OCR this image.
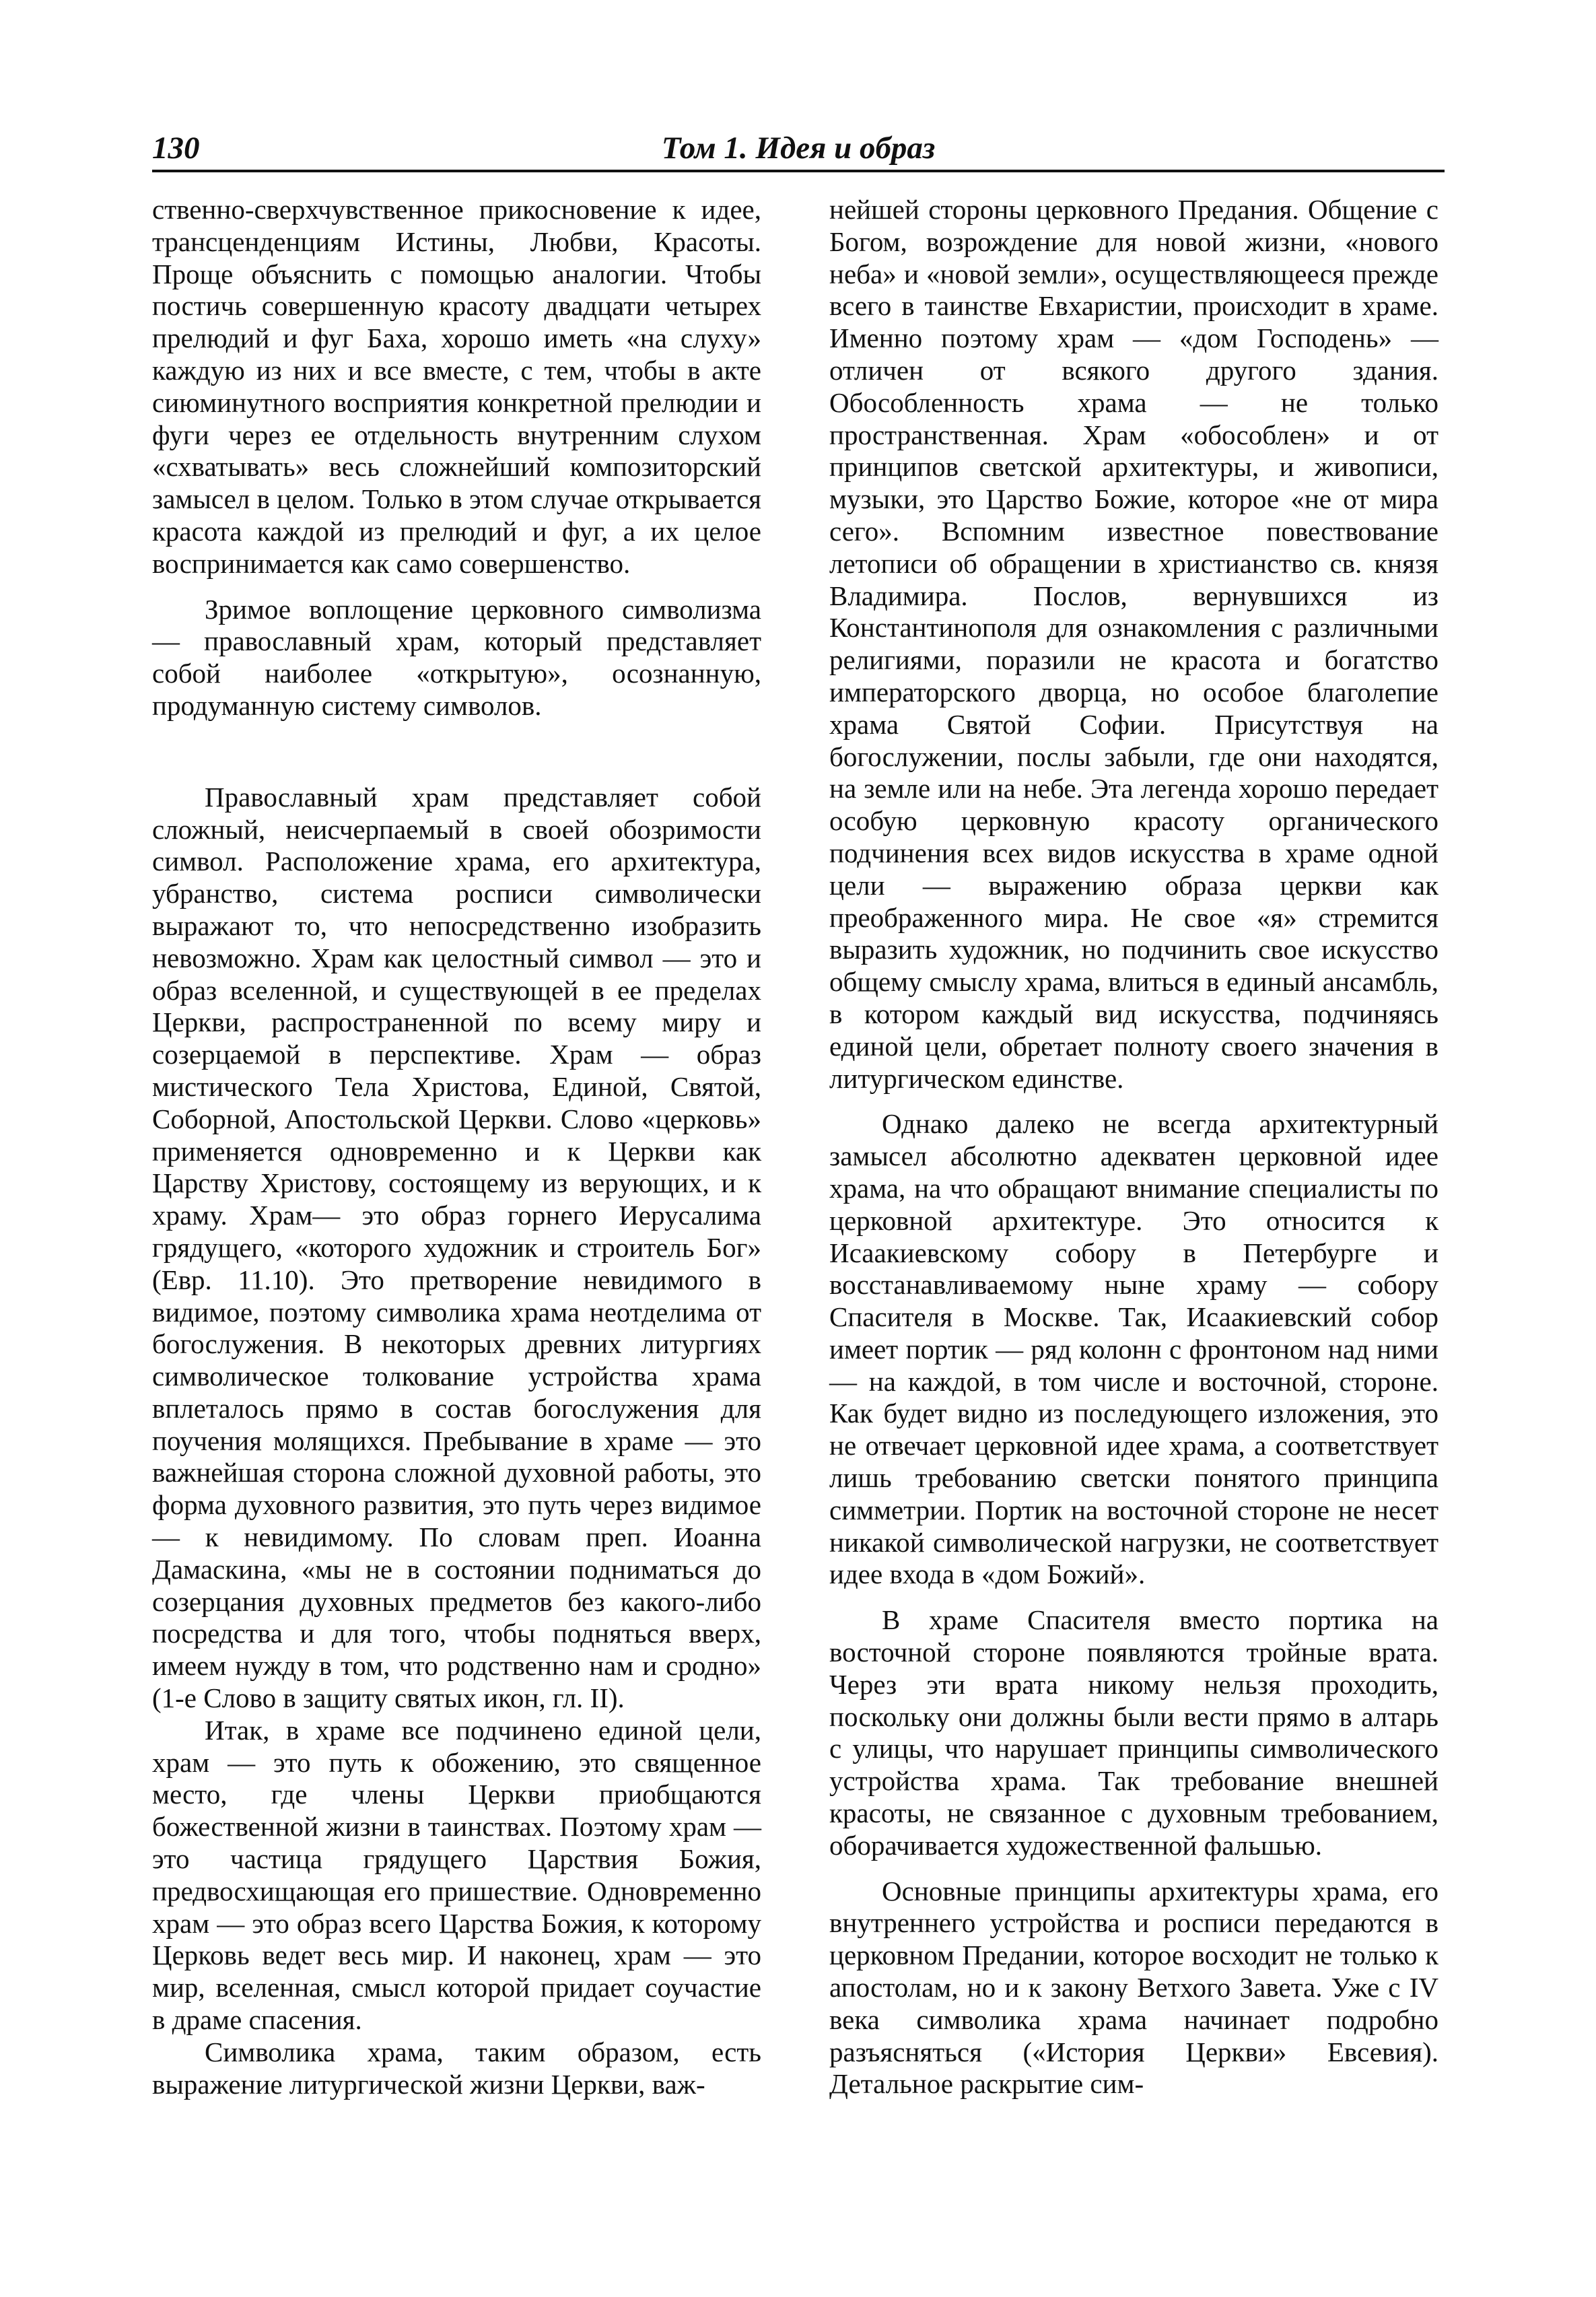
130	Том 1. Идея и образ

ственно-сверхчувственное прикосновение к идее, трансценденциям Истины, Любви, Красоты. Проще объяснить с помощью аналогии. Чтобы постичь совершенную красоту двадцати четырех прелюдий и фуг Баха, хорошо иметь «на слуху» каждую из них и все вместе, с тем, чтобы в акте сиюминутного восприятия конкретной прелюдии и фуги через ее отдельность внутренним слухом «схватывать» весь сложнейший композиторский замысел в целом. Только в этом случае открывается красота каждой из прелюдий и фуг, а их целое воспринимается как само совершенство.

Зримое воплощение церковного символизма — православный храм, который представляет собой наиболее «открытую», осознанную, продуманную систему символов.

Православный храм представляет собой сложный, неисчерпаемый в своей обозримости символ. Расположение храма, его архитектура, убранство, система росписи символически выражают то, что непосредственно изобразить невозможно. Храм как целостный символ — это и образ вселенной, и существующей в ее пределах Церкви, распространенной по всему миру и созерцаемой в перспективе. Храм — образ мистического Тела Христова, Единой, Святой, Соборной, Апостольской Церкви. Слово «церковь» применяется одновременно и к Церкви как Царству Христову, состоящему из верующих, и к храму. Храм— это образ горнего Иерусалима грядущего, «которого художник и строитель Бог» (Евр. 11.10). Это претворение невидимого в видимое, поэтому символика храма неотделима от богослужения. В некоторых древних литургиях символическое толкование устройства храма вплеталось прямо в состав богослужения для поучения молящихся. Пребывание в храме — это важнейшая сторона сложной духовной работы, это форма духовного развития, это путь через видимое — к невидимому. По словам преп. Иоанна Дамаскина, «мы не в состоянии подниматься до созерцания духовных предметов без какого-либо посредства и для того, чтобы подняться вверх, имеем нужду в том, что родственно нам и сродно» (1-е Слово в защиту святых икон, гл. II).

Итак, в храме все подчинено единой цели, храм — это путь к обожению, это священное место, где члены Церкви приобщаются божественной жизни в таинствах. Поэтому храм — это частица грядущего Царствия Божия, предвосхищающая его пришествие. Одновременно храм — это образ всего Царства Божия, к которому Церковь ведет весь мир. И наконец, храм — это мир, вселенная, смысл которой придает соучастие в драме спасения.

Символика храма, таким образом, есть выражение литургической жизни Церкви, важ-

нейшей стороны церковного Предания. Общение с Богом, возрождение для новой жизни, «нового неба» и «новой земли», осуществляющееся прежде всего в таинстве Евхаристии, происходит в храме. Именно поэтому храм — «дом Господень» — отличен от всякого другого здания. Обособленность храма — не только пространственная. Храм «обособлен» и от принципов светской архитектуры, и живописи, музыки, это Царство Божие, которое «не от мира сего». Вспомним известное повествование летописи об обращении в христианство св. князя Владимира. Послов, вернувшихся из Константинополя для ознакомления с различными религиями, поразили не красота и богатство императорского дворца, но особое благолепие храма Святой Софии. Присутствуя на богослужении, послы забыли, где они находятся, на земле или на небе. Эта легенда хорошо передает особую церковную красоту органического подчинения всех видов искусства в храме одной цели — выражению образа церкви как преображенного мира. Не свое «я» стремится выразить художник, но подчинить свое искусство общему смыслу храма, влиться в единый ансамбль, в котором каждый вид искусства, подчиняясь единой цели, обретает полноту своего значения в литургическом единстве.

Однако далеко не всегда архитектурный замысел абсолютно адекватен церковной идее храма, на что обращают внимание специалисты по церковной архитектуре. Это относится к Исаакиевскому собору в Петербурге и восстанавливаемому ныне храму — собору Спасителя в Москве. Так, Исаакиевский собор имеет портик — ряд колонн с фронтоном над ними — на каждой, в том числе и восточной, стороне. Как будет видно из последующего изложения, это не отвечает церковной идее храма, а соответствует лишь требованию светски понятого принципа симметрии. Портик на восточной стороне не несет никакой символической нагрузки, не соответствует идее входа в «дом Божий».

В храме Спасителя вместо портика на восточной стороне появляются тройные врата. Через эти врата никому нельзя проходить, поскольку они должны были вести прямо в алтарь с улицы, что нарушает принципы символического устройства храма. Так требование внешней красоты, не связанное с духовным требованием, оборачивается художественной фальшью.

Основные принципы архитектуры храма, его внутреннего устройства и росписи передаются в церковном Предании, которое восходит не только к апостолам, но и к закону Ветхого Завета. Уже с IV века символика храма начинает подробно разъясняться («История Церкви» Евсевия). Детальное раскрытие сим-
